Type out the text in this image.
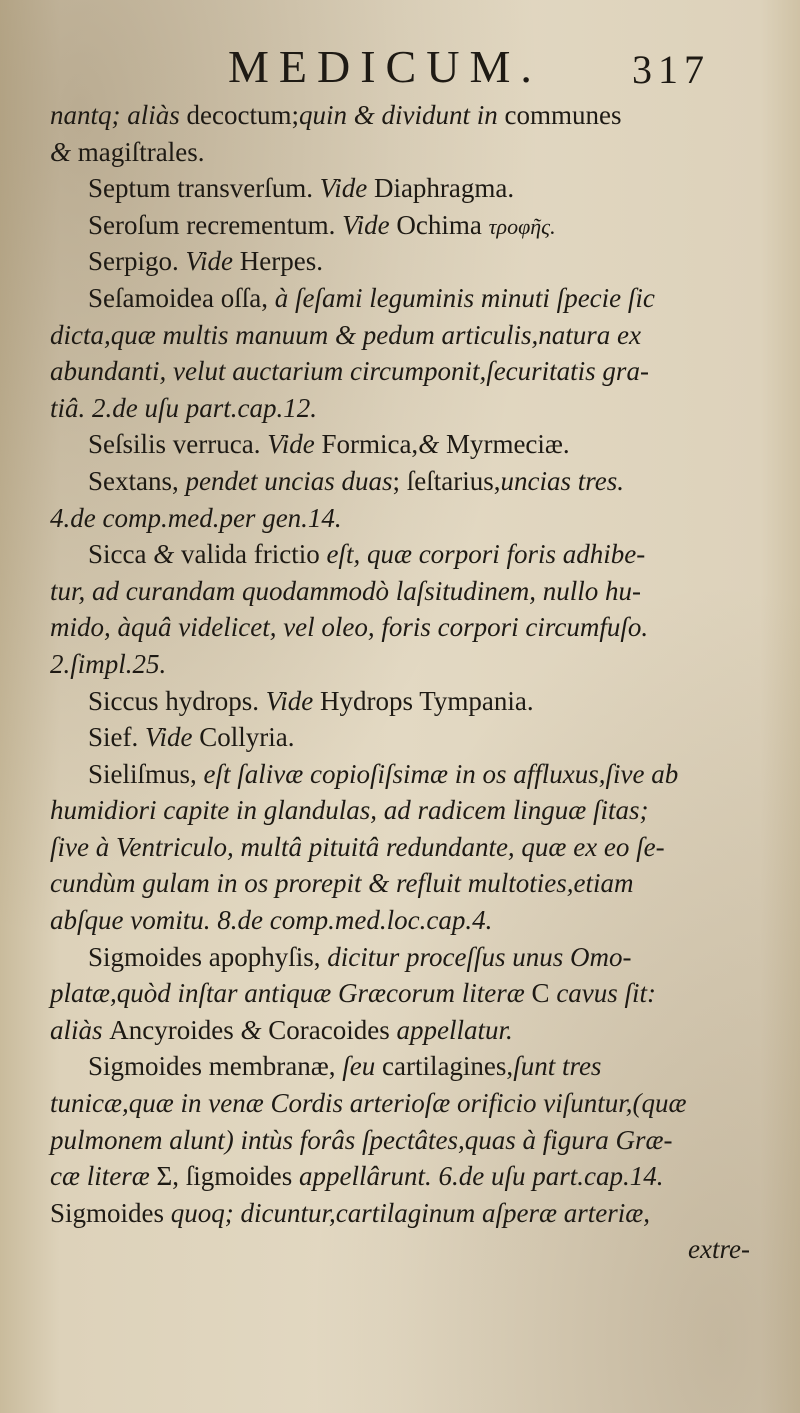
MEDICUM. 317
nantq; aliàs decoctum;quin & dividunt in communes
& magiſtrales.
Septum transverſum. Vide Diaphragma.
Seroſum recrementum. Vide Ochima τροφῆς.
Serpigo. Vide Herpes.
Seſamoidea oſſa, à ſeſami leguminis minuti ſpecie ſic
dicta,quæ multis manuum & pedum articulis,natura ex
abundanti, velut auctarium circumponit,ſecuritatis gra-
tiâ. 2.de uſu part.cap.12.
Seſsilis verruca. Vide Formica,& Myrmeciæ.
Sextans, pendet uncias duas; ſeſtarius,uncias tres.
4.de comp.med.per gen.14.
Sicca & valida frictio eſt, quæ corpori foris adhibe-
tur, ad curandam quodammodò laſsitudinem, nullo hu-
mido, àquâ videlicet, vel oleo, foris corpori circumfuſo.
2.ſimpl.25.
Siccus hydrops. Vide Hydrops Tympania.
Sief. Vide Collyria.
Sieliſmus, eſt ſalivæ copioſiſsimæ in os affluxus,ſive ab
humidiori capite in glandulas, ad radicem linguæ ſitas;
ſive à Ventriculo, multâ pituitâ redundante, quæ ex eo ſe-
cundùm gulam in os prorepit & refluit multoties,etiam
abſque vomitu. 8.de comp.med.loc.cap.4.
Sigmoides apophyſis, dicitur proceſſus unus Omo-
platæ,quòd inſtar antiquæ Græcorum literæ C cavus ſit:
aliàs Ancyroides & Coracoides appellatur.
Sigmoides membranæ, ſeu cartilagines,ſunt tres
tunicæ,quæ in venæ Cordis arterioſæ orificio viſuntur,(quæ
pulmonem alunt) intùs forâs ſpectâtes,quas à figura Græ-
cæ literæ Σ, ſigmoides appellârunt. 6.de uſu part.cap.14.
Sigmoides quoq; dicuntur,cartilaginum aſperæ arteriæ,
extre-
